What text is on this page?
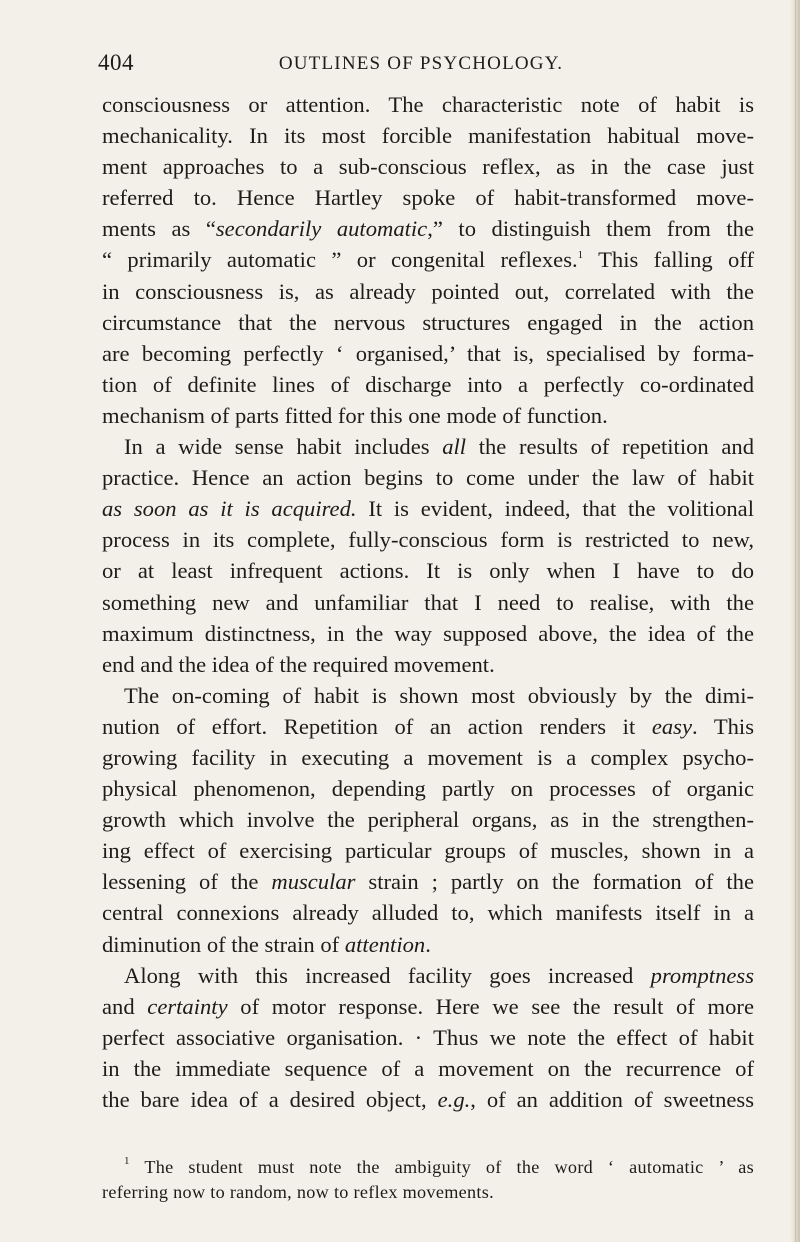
404	OUTLINES OF PSYCHOLOGY.
consciousness or attention. The characteristic note of habit is
mechanicality. In its most forcible manifestation habitual move-
ment approaches to a sub-conscious reflex, as in the case just
referred to. Hence Hartley spoke of habit-transformed move-
ments as “secondarily automatic,” to distinguish them from the
“ primarily automatic ” or congenital reflexes.$^1$ This falling off
in consciousness is, as already pointed out, correlated with the
circumstance that the nervous structures engaged in the action
are becoming perfectly ‘ organised,’ that is, specialised by forma-
tion of definite lines of discharge into a perfectly co-ordinated
mechanism of parts fitted for this one mode of function.
In a wide sense habit includes all the results of repetition and
practice. Hence an action begins to come under the law of habit
as soon as it is acquired. It is evident, indeed, that the volitional
process in its complete, fully-conscious form is restricted to new,
or at least infrequent actions. It is only when I have to do
something new and unfamiliar that I need to realise, with the
maximum distinctness, in the way supposed above, the idea of the
end and the idea of the required movement.
The on-coming of habit is shown most obviously by the dimi-
nution of effort. Repetition of an action renders it easy. This
growing facility in executing a movement is a complex psycho-
physical phenomenon, depending partly on processes of organic
growth which involve the peripheral organs, as in the strengthen-
ing effect of exercising particular groups of muscles, shown in a
lessening of the muscular strain ; partly on the formation of the
central connexions already alluded to, which manifests itself in a
diminution of the strain of attention.
Along with this increased facility goes increased promptness
and certainty of motor response. Here we see the result of more
perfect associative organisation. · Thus we note the effect of habit
in the immediate sequence of a movement on the recurrence of
the bare idea of a desired object, e.g., of an addition of sweetness
$^1$ The student must note the ambiguity of the word ‘ automatic ’ as
referring now to random, now to reflex movements.
